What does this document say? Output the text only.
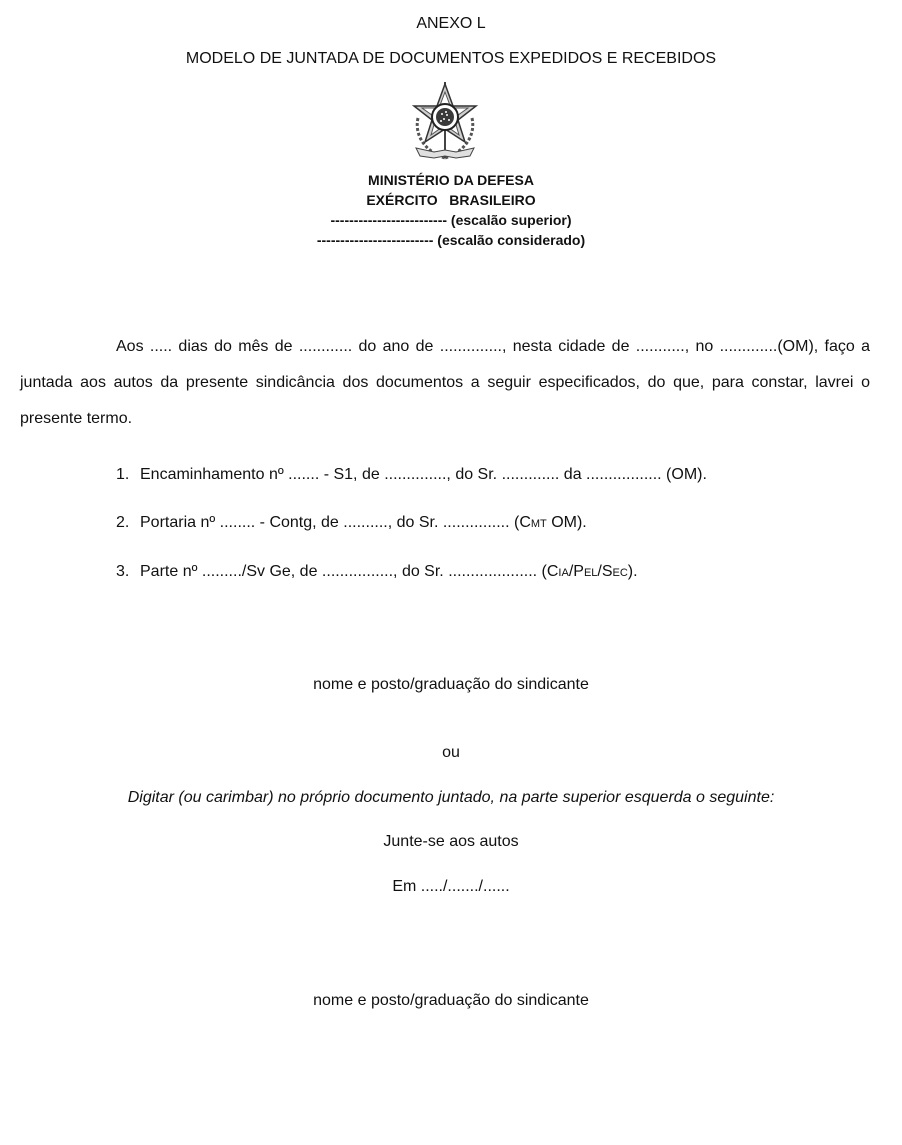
ANEXO L
MODELO DE JUNTADA DE DOCUMENTOS EXPEDIDOS E RECEBIDOS
MINISTÉRIO DA DEFESA
EXÉRCITO   BRASILEIRO
------------------------- (escalão superior)
------------------------- (escalão considerado)
Aos ..... dias do mês de ............ do ano de .............., nesta cidade de ..........., no .............(OM), faço a juntada aos autos da presente sindicância dos documentos a seguir especificados, do que, para constar, lavrei o presente termo.
1. Encaminhamento nº ....... - S1, de .............., do Sr. ............. da ................. (OM).
2. Portaria nº ........ - Contg, de .........., do Sr. ............... (Cmt OM).
3. Parte nº ........./Sv Ge, de ................, do Sr. .................... (Cia/Pel/Sec).
nome e posto/graduação do sindicante
ou
Digitar (ou carimbar) no próprio documento juntado, na parte superior esquerda o seguinte:
Junte-se aos autos
Em ...../......./......
nome e posto/graduação do sindicante
